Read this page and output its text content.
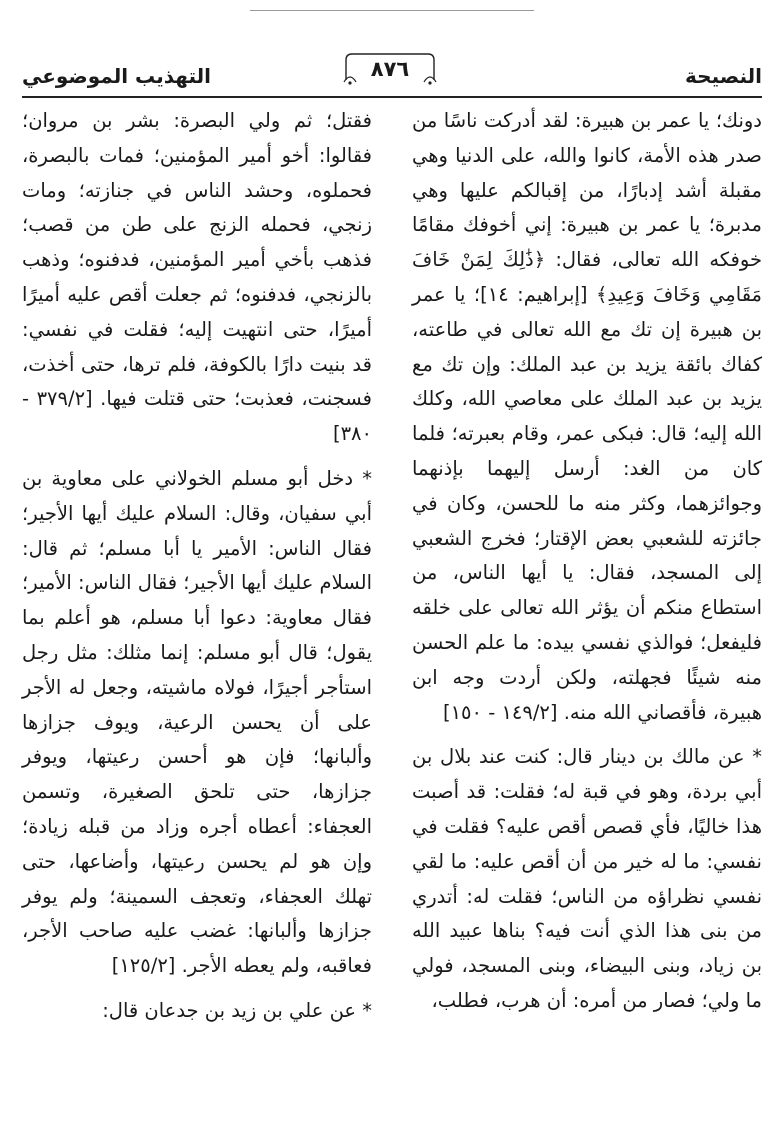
النصيحة
٨٧٦
التهذيب الموضوعي

دونك؛ يا عمر بن هبيرة: لقد أدركت ناسًا من صدر هذه الأمة، كانوا والله، على الدنيا وهي مقبلة أشد إدبارًا، من إقبالكم عليها وهي مدبرة؛ يا عمر بن هبيرة: إني أخوفك مقامًا خوفكه الله تعالى، فقال: ﴿ذَٰلِكَ لِمَنْ خَافَ مَقَامِي وَخَافَ وَعِيدِ﴾ [إبراهيم: ١٤]؛ يا عمر بن هبيرة إن تك مع الله تعالى في طاعته، كفاك بائقة يزيد بن عبد الملك: وإن تك مع يزيد بن عبد الملك على معاصي الله، وكلك الله إليه؛ قال: فبكى عمر، وقام بعبرته؛ فلما كان من الغد: أرسل إليهما بإذنهما وجوائزهما، وكثر منه ما للحسن، وكان في جائزته للشعبي بعض الإقتار؛ فخرج الشعبي إلى المسجد، فقال: يا أيها الناس، من استطاع منكم أن يؤثر الله تعالى على خلقه فليفعل؛ فوالذي نفسي بيده: ما علم الحسن منه شيئًا فجهلته، ولكن أردت وجه ابن هبيرة، فأقصاني الله منه. [١٤٩/٢ - ١٥٠]

* عن مالك بن دينار قال: كنت عند بلال بن أبي بردة، وهو في قبة له؛ فقلت: قد أصبت هذا خاليًا، فأي قصص أقص عليه؟ فقلت في نفسي: ما له خير من أن أقص عليه: ما لقي نفسي نظراؤه من الناس؛ فقلت له: أتدري من بنى هذا الذي أنت فيه؟ بناها عبيد الله بن زياد، وبنى البيضاء، وبنى المسجد، فولي ما ولي؛ فصار من أمره: أن هرب، فطلب،

فقتل؛ ثم ولي البصرة: بشر بن مروان؛ فقالوا: أخو أمير المؤمنين؛ فمات بالبصرة، فحملوه، وحشد الناس في جنازته؛ ومات زنجي، فحمله الزنج على طن من قصب؛ فذهب بأخي أمير المؤمنين، فدفنوه؛ وذهب بالزنجي، فدفنوه؛ ثم جعلت أقص عليه أميرًا أميرًا، حتى انتهيت إليه؛ فقلت في نفسي: قد بنيت دارًا بالكوفة، فلم ترها، حتى أخذت، فسجنت، فعذبت؛ حتى قتلت فيها. [٣٧٩/٢ - ٣٨٠]

* دخل أبو مسلم الخولاني على معاوية بن أبي سفيان، وقال: السلام عليك أيها الأجير؛ فقال الناس: الأمير يا أبا مسلم؛ ثم قال: السلام عليك أيها الأجير؛ فقال الناس: الأمير؛ فقال معاوية: دعوا أبا مسلم، هو أعلم بما يقول؛ قال أبو مسلم: إنما مثلك: مثل رجل استأجر أجيرًا، فولاه ماشيته، وجعل له الأجر على أن يحسن الرعية، ويوف جزازها وألبانها؛ فإن هو أحسن رعيتها، ويوفر جزازها، حتى تلحق الصغيرة، وتسمن العجفاء: أعطاه أجره وزاد من قبله زيادة؛ وإن هو لم يحسن رعيتها، وأضاعها، حتى تهلك العجفاء، وتعجف السمينة؛ ولم يوفر جزازها وألبانها: غضب عليه صاحب الأجر، فعاقبه، ولم يعطه الأجر. [١٢٥/٢]

* عن علي بن زيد بن جدعان قال:
